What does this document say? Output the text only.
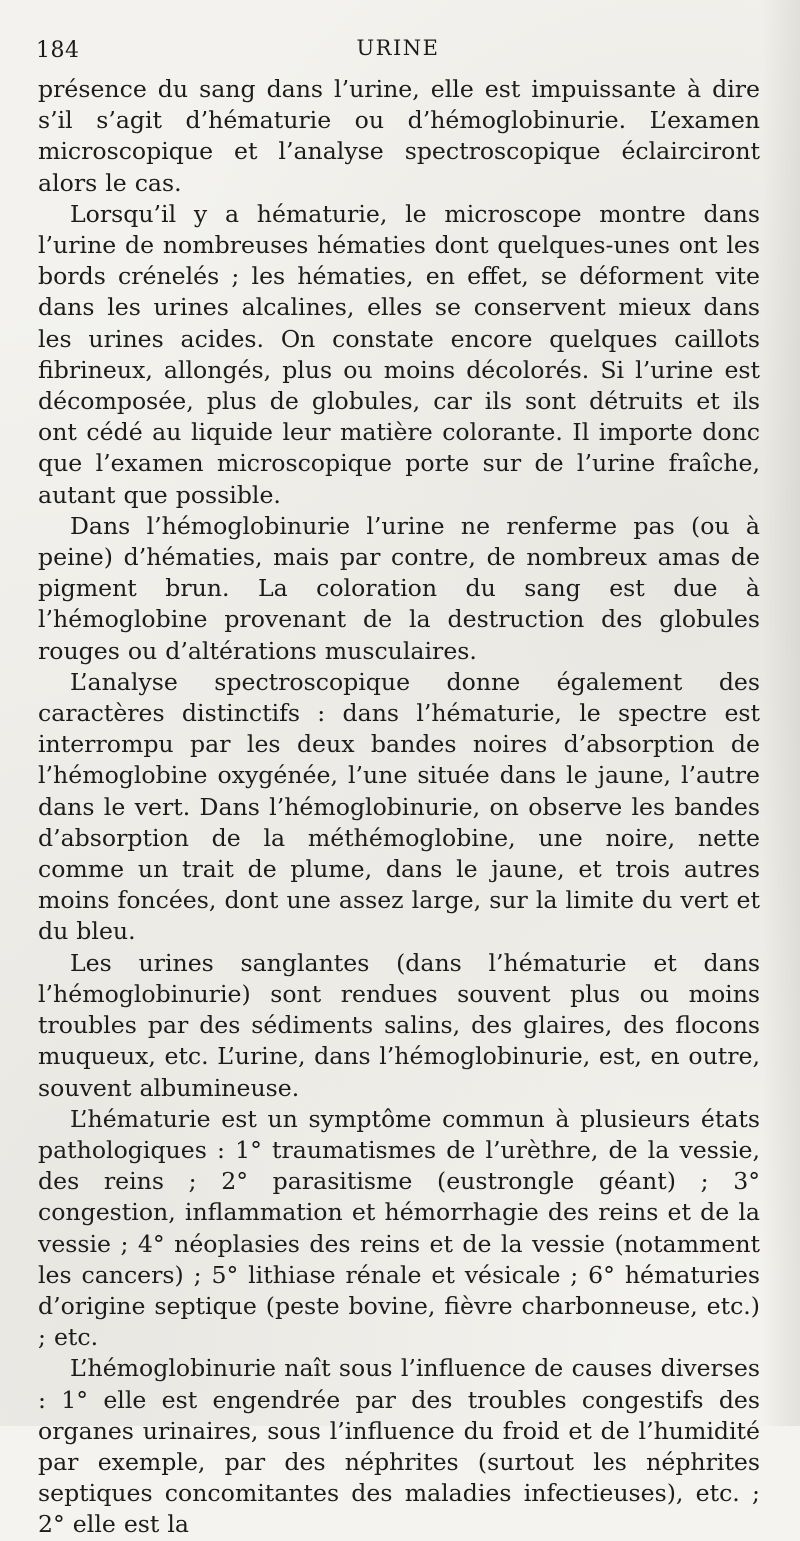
184	URINE

présence du sang dans l’urine, elle est impuissante à dire s’il s’agit d’hématurie ou d’hémoglobinurie. L’examen microscopique et l’analyse spectroscopique éclairciront alors le cas.

Lorsqu’il y a hématurie, le microscope montre dans l’urine de nombreuses hématies dont quelques-unes ont les bords crénelés ; les hématies, en effet, se déforment vite dans les urines alcalines, elles se conservent mieux dans les urines acides. On constate encore quelques caillots fibrineux, allongés, plus ou moins décolorés. Si l’urine est décomposée, plus de globules, car ils sont détruits et ils ont cédé au liquide leur matière colorante. Il importe donc que l’examen microscopique porte sur de l’urine fraîche, autant que possible.

Dans l’hémoglobinurie l’urine ne renferme pas (ou à peine) d’hématies, mais par contre, de nombreux amas de pigment brun. La coloration du sang est due à l’hémoglobine provenant de la destruction des globules rouges ou d’altérations musculaires.

L’analyse spectroscopique donne également des caractères distinctifs : dans l’hématurie, le spectre est interrompu par les deux bandes noires d’absorption de l’hémoglobine oxygénée, l’une située dans le jaune, l’autre dans le vert. Dans l’hémoglobinurie, on observe les bandes d’absorption de la méthémoglobine, une noire, nette comme un trait de plume, dans le jaune, et trois autres moins foncées, dont une assez large, sur la limite du vert et du bleu.

Les urines sanglantes (dans l’hématurie et dans l’hémoglobinurie) sont rendues souvent plus ou moins troubles par des sédiments salins, des glaires, des flocons muqueux, etc. L’urine, dans l’hémoglobinurie, est, en outre, souvent albumineuse.

L’hématurie est un symptôme commun à plusieurs états pathologiques : 1° traumatismes de l’urèthre, de la vessie, des reins ; 2° parasitisme (eustrongle géant) ; 3° congestion, inflammation et hémorrhagie des reins et de la vessie ; 4° néoplasies des reins et de la vessie (notamment les cancers) ; 5° lithiase rénale et vésicale ; 6° hématuries d’origine septique (peste bovine, fièvre charbonneuse, etc.) ; etc.

L’hémoglobinurie naît sous l’influence de causes diverses : 1° elle est engendrée par des troubles congestifs des organes urinaires, sous l’influence du froid et de l’humidité par exemple, par des néphrites (surtout les néphrites septiques concomitantes des maladies infectieuses), etc. ; 2° elle est la
